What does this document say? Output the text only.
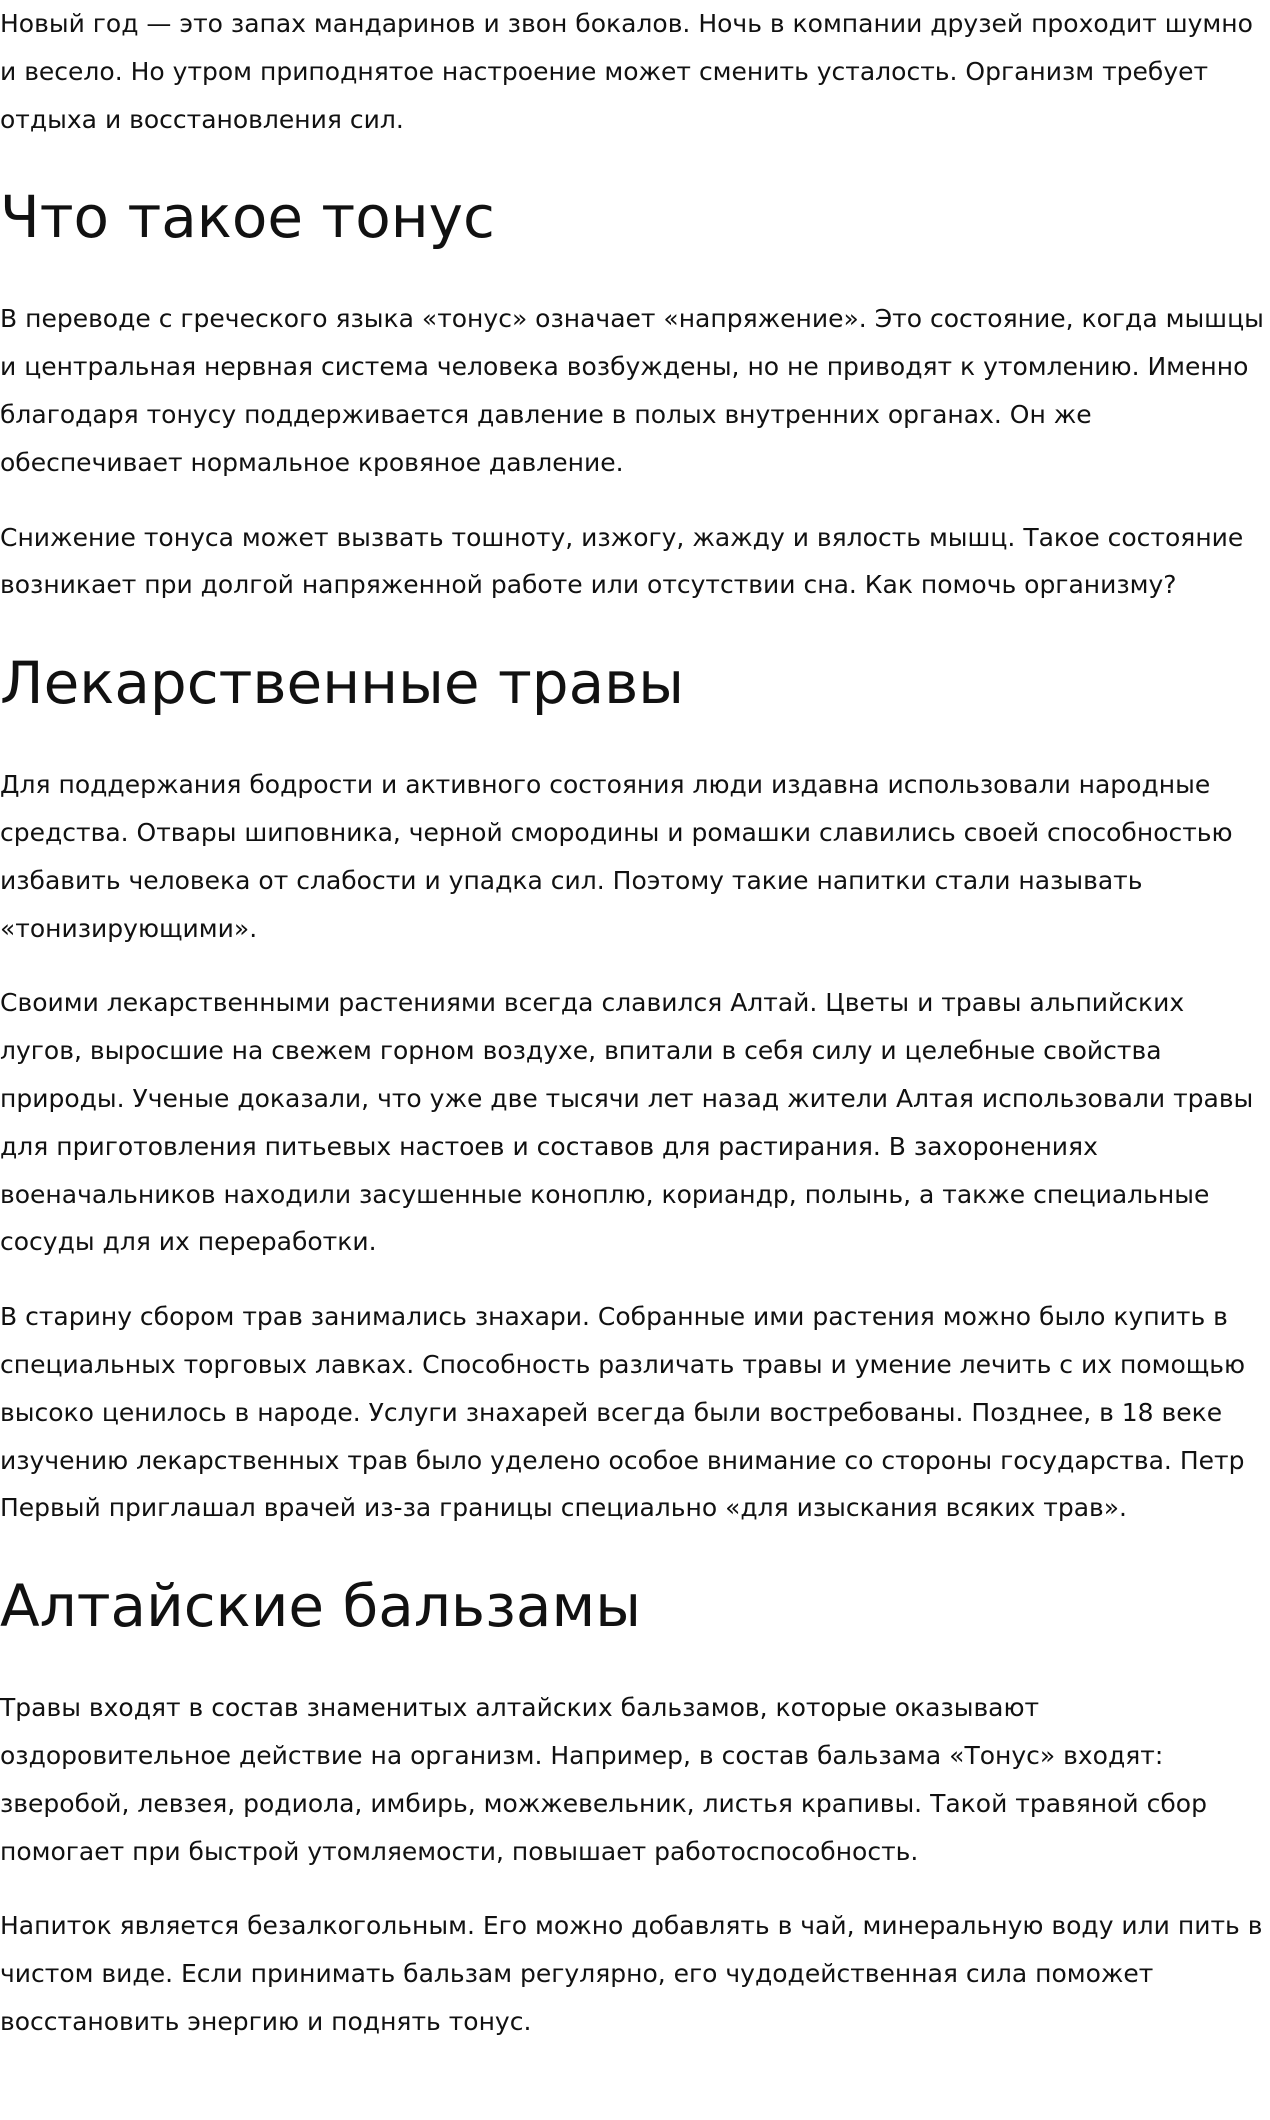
Новый год — это запах мандаринов и звон бокалов. Ночь в компании друзей проходит шумно и весело. Но утром приподнятое настроение может сменить усталость. Организм требует отдыха и восстановления сил.

Что такое тонус

В переводе с греческого языка «тонус» означает «напряжение». Это состояние, когда мышцы и центральная нервная система человека возбуждены, но не приводят к утомлению. Именно благодаря тонусу поддерживается давление в полых внутренних органах. Он же обеспечивает нормальное кровяное давление.

Снижение тонуса может вызвать тошноту, изжогу, жажду и вялость мышц. Такое состояние возникает при долгой напряженной работе или отсутствии сна. Как помочь организму?

Лекарственные травы

Для поддержания бодрости и активного состояния люди издавна использовали народные средства. Отвары шиповника, черной смородины и ромашки славились своей способностью избавить человека от слабости и упадка сил. Поэтому такие напитки стали называть «тонизирующими».

Своими лекарственными растениями всегда славился Алтай. Цветы и травы альпийских лугов, выросшие на свежем горном воздухе, впитали в себя силу и целебные свойства природы. Ученые доказали, что уже две тысячи лет назад жители Алтая использовали травы для приготовления питьевых настоев и составов для растирания. В захоронениях военачальников находили засушенные коноплю, кориандр, полынь, а также специальные сосуды для их переработки.

В старину сбором трав занимались знахари. Собранные ими растения можно было купить в специальных торговых лавках. Способность различать травы и умение лечить с их помощью высоко ценилось в народе. Услуги знахарей всегда были востребованы. Позднее, в 18 веке изучению лекарственных трав было уделено особое внимание со стороны государства. Петр Первый приглашал врачей из-за границы специально «для изыскания всяких трав».

Алтайские бальзамы

Травы входят в состав знаменитых алтайских бальзамов, которые оказывают оздоровительное действие на организм. Например, в состав бальзама «Тонус» входят: зверобой, левзея, родиола, имбирь, можжевельник, листья крапивы. Такой травяной сбор помогает при быстрой утомляемости, повышает работоспособность.

Напиток является безалкогольным. Его можно добавлять в чай, минеральную воду или пить в чистом виде. Если принимать бальзам регулярно, его чудодейственная сила поможет восстановить энергию и поднять тонус.
